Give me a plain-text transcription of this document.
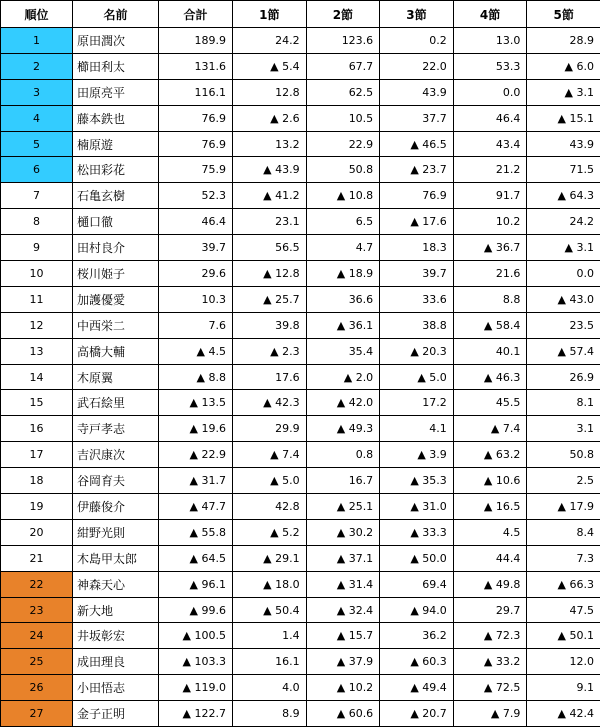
順位	名前	合計	1節	2節	3節	4節	5節
1	原田潤次	189.9	24.2	123.6	0.2	13.0	28.9
2	櫛田利太	131.6	▲ 5.4	67.7	22.0	53.3	▲ 6.0
3	田原亮平	116.1	12.8	62.5	43.9	0.0	▲ 3.1
4	藤本鉄也	76.9	▲ 2.6	10.5	37.7	46.4	▲ 15.1
5	楠原遊	76.9	13.2	22.9	▲ 46.5	43.4	43.9
6	松田彩花	75.9	▲ 43.9	50.8	▲ 23.7	21.2	71.5
7	石亀玄樹	52.3	▲ 41.2	▲ 10.8	76.9	91.7	▲ 64.3
8	樋口徹	46.4	23.1	6.5	▲ 17.6	10.2	24.2
9	田村良介	39.7	56.5	4.7	18.3	▲ 36.7	▲ 3.1
10	桜川姫子	29.6	▲ 12.8	▲ 18.9	39.7	21.6	0.0
11	加護優愛	10.3	▲ 25.7	36.6	33.6	8.8	▲ 43.0
12	中西栄二	7.6	39.8	▲ 36.1	38.8	▲ 58.4	23.5
13	高橋大輔	▲ 4.5	▲ 2.3	35.4	▲ 20.3	40.1	▲ 57.4
14	木原翼	▲ 8.8	17.6	▲ 2.0	▲ 5.0	▲ 46.3	26.9
15	武石絵里	▲ 13.5	▲ 42.3	▲ 42.0	17.2	45.5	8.1
16	寺戸孝志	▲ 19.6	29.9	▲ 49.3	4.1	▲ 7.4	3.1
17	吉沢康次	▲ 22.9	▲ 7.4	0.8	▲ 3.9	▲ 63.2	50.8
18	谷岡育夫	▲ 31.7	▲ 5.0	16.7	▲ 35.3	▲ 10.6	2.5
19	伊藤俊介	▲ 47.7	42.8	▲ 25.1	▲ 31.0	▲ 16.5	▲ 17.9
20	紺野光則	▲ 55.8	▲ 5.2	▲ 30.2	▲ 33.3	4.5	8.4
21	木島甲太郎	▲ 64.5	▲ 29.1	▲ 37.1	▲ 50.0	44.4	7.3
22	神森天心	▲ 96.1	▲ 18.0	▲ 31.4	69.4	▲ 49.8	▲ 66.3
23	新大地	▲ 99.6	▲ 50.4	▲ 32.4	▲ 94.0	29.7	47.5
24	井坂彰宏	▲ 100.5	1.4	▲ 15.7	36.2	▲ 72.3	▲ 50.1
25	成田理良	▲ 103.3	16.1	▲ 37.9	▲ 60.3	▲ 33.2	12.0
26	小田悟志	▲ 119.0	4.0	▲ 10.2	▲ 49.4	▲ 72.5	9.1
27	金子正明	▲ 122.7	8.9	▲ 60.6	▲ 20.7	▲ 7.9	▲ 42.4
